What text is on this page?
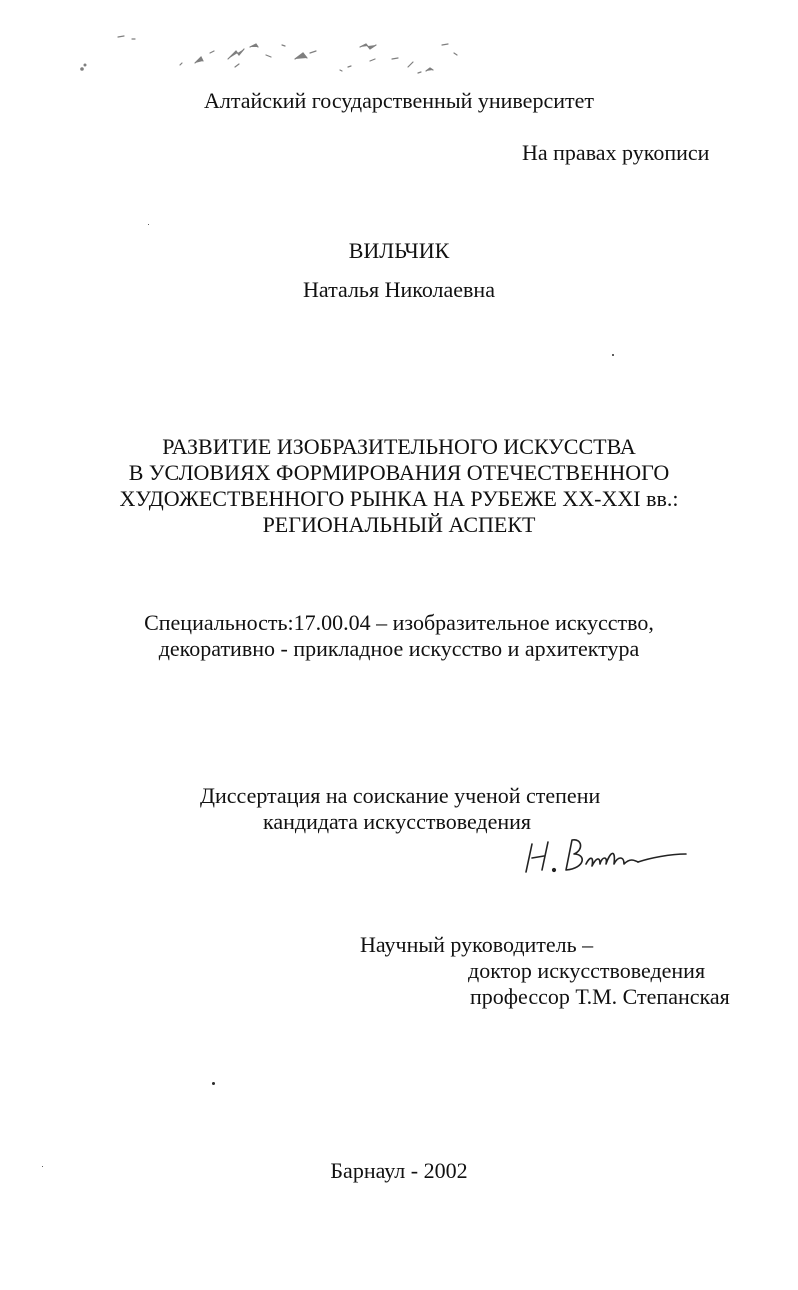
Алтайский государственный университет
На правах рукописи
ВИЛЬЧИК
Наталья Николаевна
РАЗВИТИЕ ИЗОБРАЗИТЕЛЬНОГО ИСКУССТВА
В УСЛОВИЯХ ФОРМИРОВАНИЯ ОТЕЧЕСТВЕННОГО
ХУДОЖЕСТВЕННОГО РЫНКА НА РУБЕЖЕ XX-XXI вв.:
РЕГИОНАЛЬНЫЙ АСПЕКТ
Специальность:17.00.04 – изобразительное искусство,
декоративно - прикладное искусство и архитектура
Диссертация на соискание ученой степени
кандидата искусствоведения
Научный руководитель –
доктор искусствоведения
профессор Т.М. Степанская
Барнаул - 2002
